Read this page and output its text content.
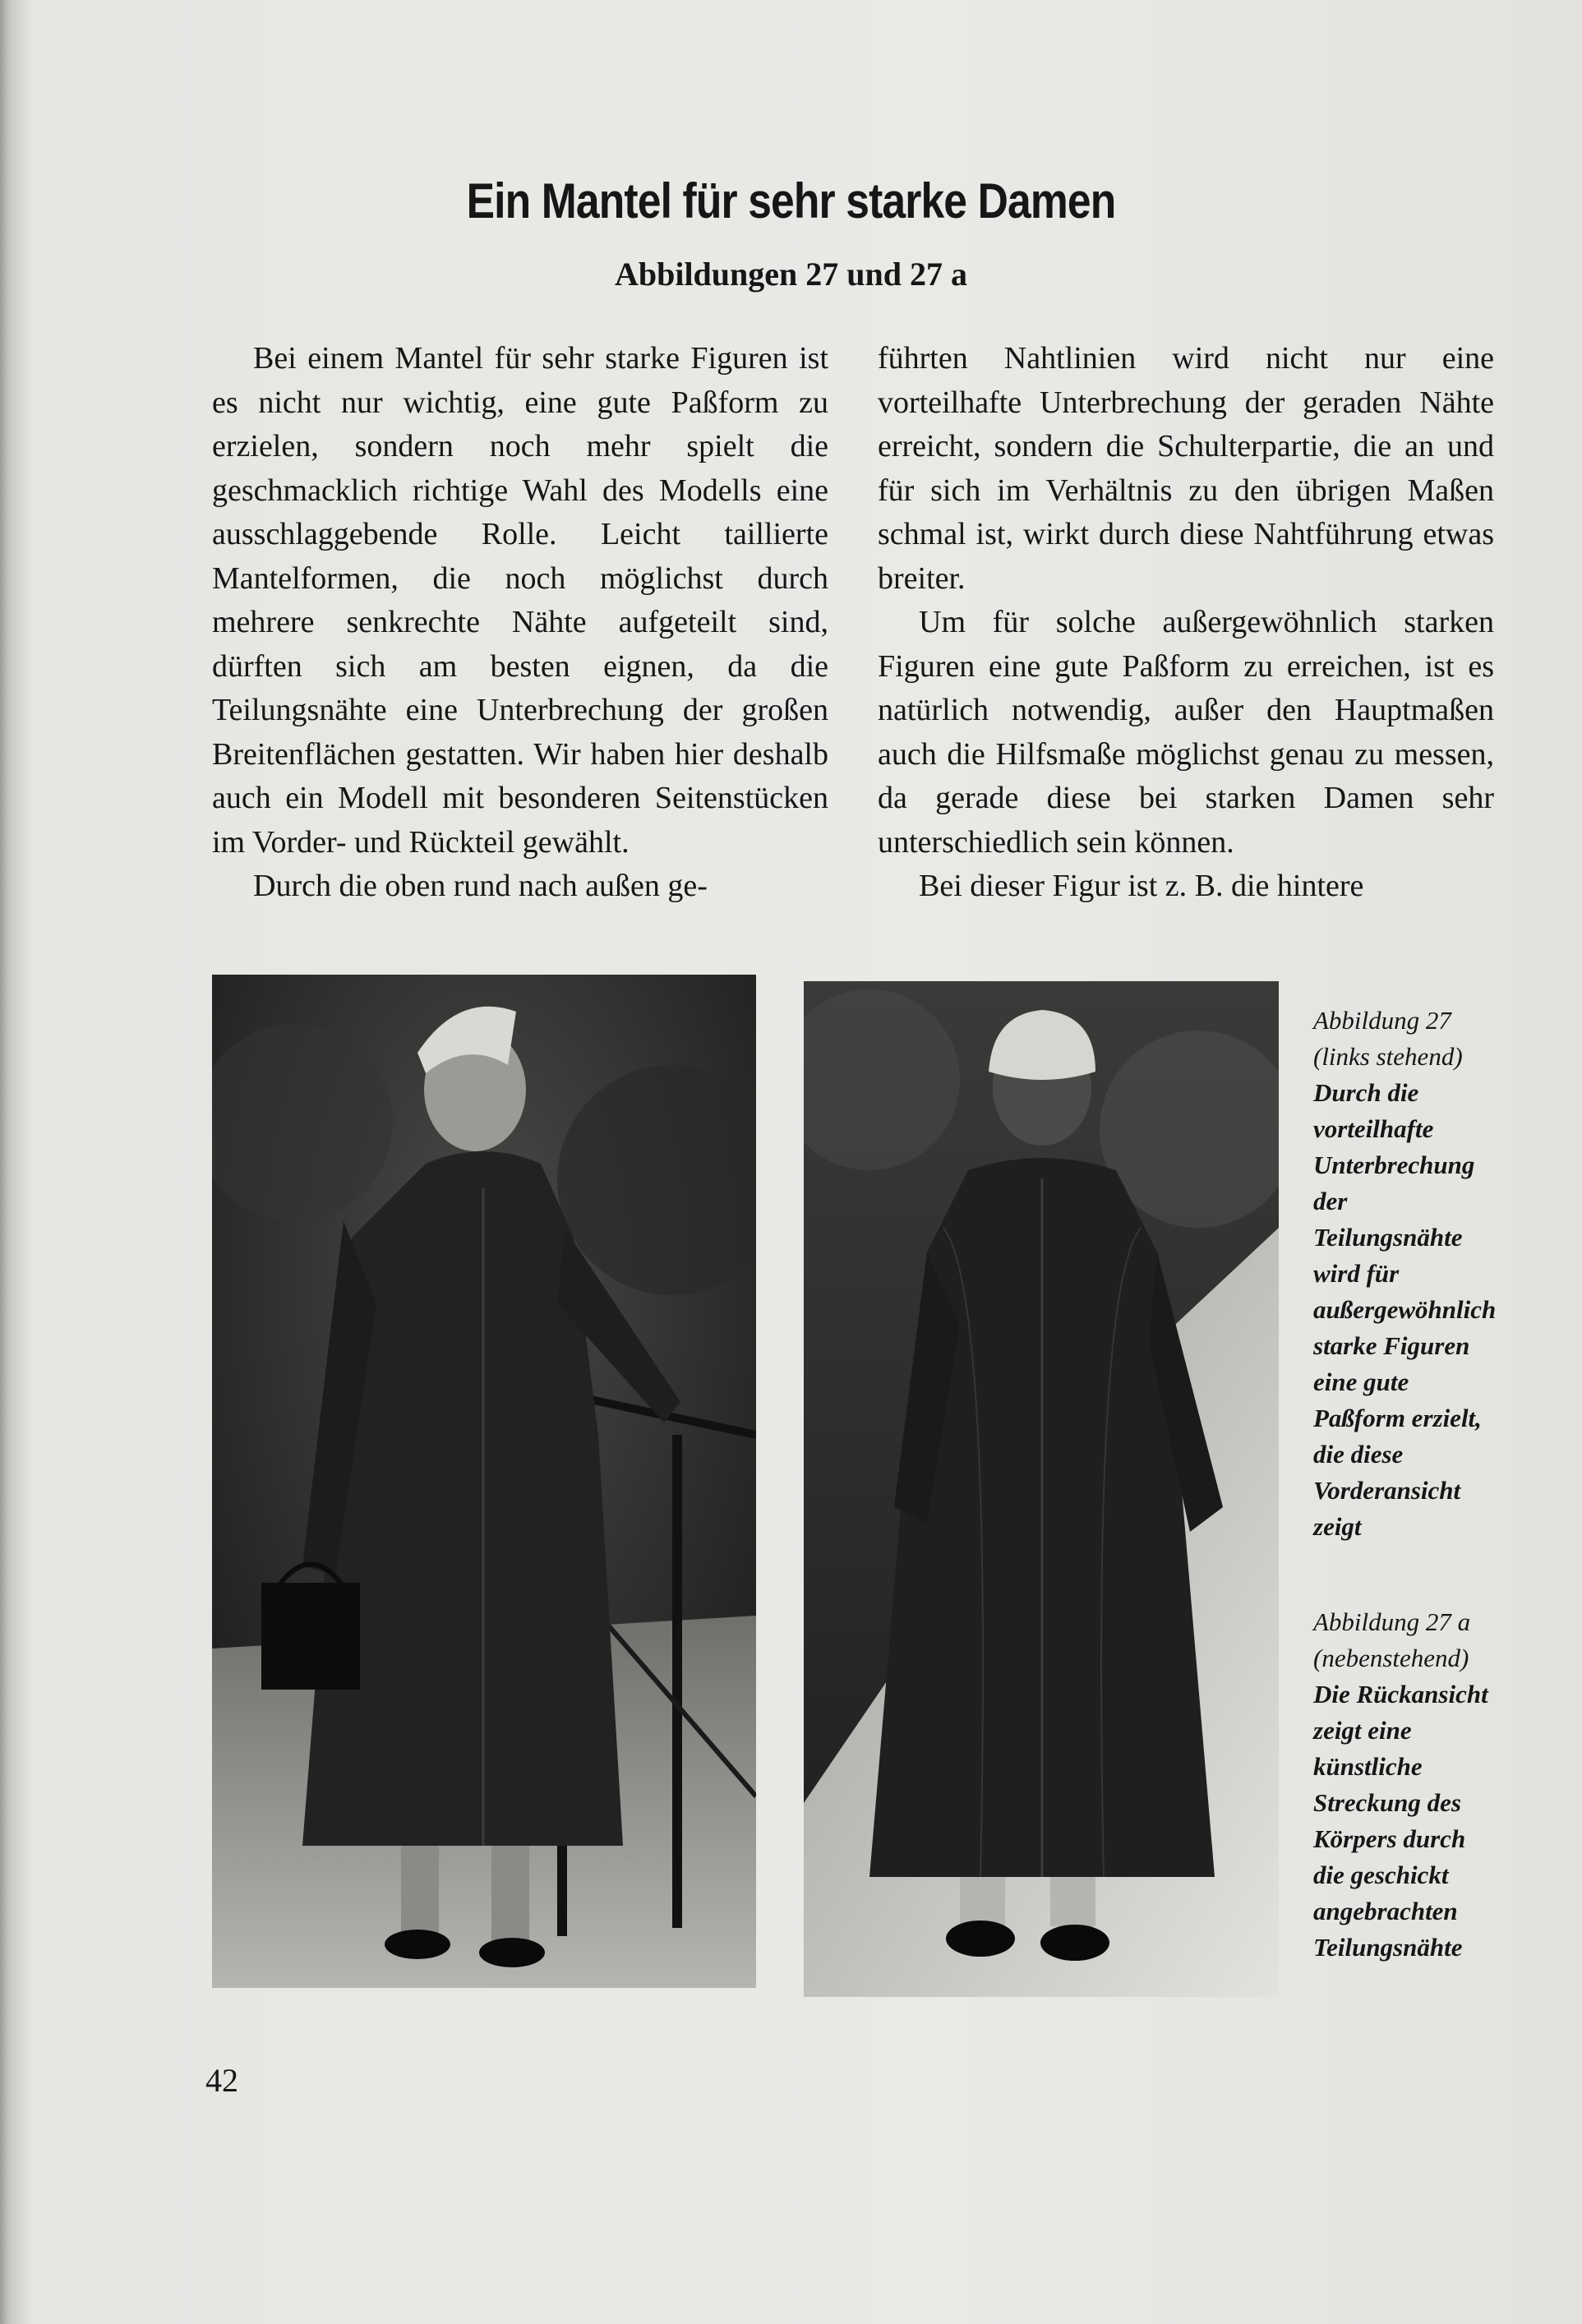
Ein Mantel für sehr starke Damen
Abbildungen 27 und 27 a

Bei einem Mantel für sehr starke Figuren ist es nicht nur wichtig, eine gute Paßform zu erzielen, sondern noch mehr spielt die geschmacklich richtige Wahl des Modells eine ausschlaggebende Rolle. Leicht taillierte Mantelformen, die noch möglichst durch mehrere senkrechte Nähte aufgeteilt sind, dürften sich am besten eignen, da die Teilungsnähte eine Unterbrechung der großen Breitenflächen gestatten. Wir haben hier deshalb auch ein Modell mit besonderen Seitenstücken im Vorder- und Rückteil gewählt.

Durch die oben rund nach außen ge-

führten Nahtlinien wird nicht nur eine vorteilhafte Unterbrechung der geraden Nähte erreicht, sondern die Schulterpartie, die an und für sich im Verhältnis zu den übrigen Maßen schmal ist, wirkt durch diese Nahtführung etwas breiter.

Um für solche außergewöhnlich starken Figuren eine gute Paßform zu erreichen, ist es natürlich notwendig, außer den Hauptmaßen auch die Hilfsmaße möglichst genau zu messen, da gerade diese bei starken Damen sehr unterschiedlich sein können.

Bei dieser Figur ist z. B. die hintere

Abbildung 27 (links stehend)
Durch die vorteilhafte Unterbrechung der Teilungsnähte wird für außergewöhnlich starke Figuren eine gute Paßform erzielt, die diese Vorderansicht zeigt
Abbildung 27 a (nebenstehend)
Die Rückansicht zeigt eine künstliche Streckung des Körpers durch die geschickt angebrachten Teilungsnähte
42
